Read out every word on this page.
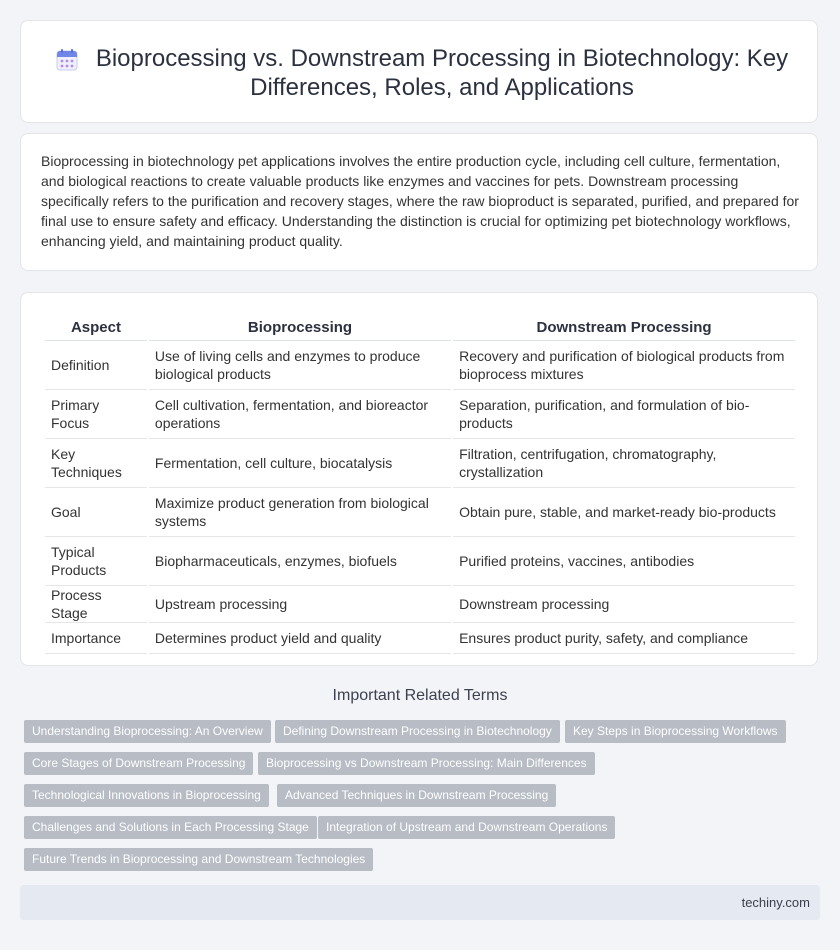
Bioprocessing vs. Downstream Processing in Biotechnology: Key Differences, Roles, and Applications
Bioprocessing in biotechnology pet applications involves the entire production cycle, including cell culture, fermentation, and biological reactions to create valuable products like enzymes and vaccines for pets. Downstream processing specifically refers to the purification and recovery stages, where the raw bioproduct is separated, purified, and prepared for final use to ensure safety and efficacy. Understanding the distinction is crucial for optimizing pet biotechnology workflows, enhancing yield, and maintaining product quality.
Aspect	Bioprocessing	Downstream Processing
Definition	Use of living cells and enzymes to produce biological products	Recovery and purification of biological products from bioprocess mixtures
Primary Focus	Cell cultivation, fermentation, and bioreactor operations	Separation, purification, and formulation of bio-products
Key Techniques	Fermentation, cell culture, biocatalysis	Filtration, centrifugation, chromatography, crystallization
Goal	Maximize product generation from biological systems	Obtain pure, stable, and market-ready bio-products
Typical Products	Biopharmaceuticals, enzymes, biofuels	Purified proteins, vaccines, antibodies
Process Stage	Upstream processing	Downstream processing
Importance	Determines product yield and quality	Ensures product purity, safety, and compliance
Important Related Terms
Understanding Bioprocessing: An Overview	Defining Downstream Processing in Biotechnology	Key Steps in Bioprocessing Workflows
Core Stages of Downstream Processing	Bioprocessing vs Downstream Processing: Main Differences
Technological Innovations in Bioprocessing	Advanced Techniques in Downstream Processing
Challenges and Solutions in Each Processing Stage	Integration of Upstream and Downstream Operations
Future Trends in Bioprocessing and Downstream Technologies
techiny.com
